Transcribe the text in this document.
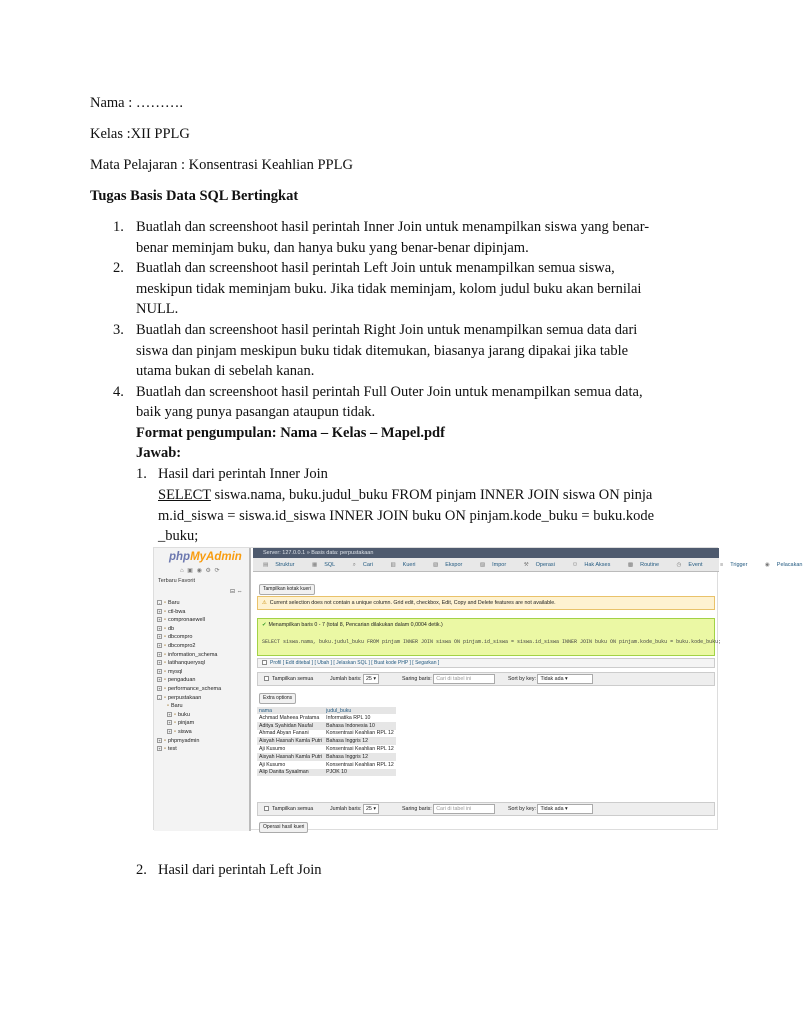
Nama : ……….
Kelas :XII PPLG
Mata Pelajaran : Konsentrasi Keahlian PPLG
Tugas Basis Data SQL Bertingkat
1. Buatlah dan screenshoot hasil perintah Inner Join untuk menampilkan siswa yang benar-
benar meminjam buku, dan hanya buku yang benar-benar dipinjam.
2. Buatlah dan screenshoot hasil perintah Left Join untuk menampilkan semua siswa,
meskipun tidak meminjam buku. Jika tidak meminjam, kolom judul buku akan bernilai
NULL.
3. Buatlah dan screenshoot hasil perintah Right Join untuk menampilkan semua data dari
siswa dan pinjam meskipun buku tidak ditemukan, biasanya jarang dipakai jika table
utama bukan di sebelah kanan.
4. Buatlah dan screenshoot hasil perintah Full Outer Join untuk menampilkan semua data,
baik yang punya pasangan ataupun tidak.
Format pengumpulan: Nama – Kelas – Mapel.pdf
Jawab:
1. Hasil dari perintah Inner Join
SELECT siswa.nama, buku.judul_buku FROM pinjam INNER JOIN siswa ON pinja
m.id_siswa = siswa.id_siswa INNER JOIN buku ON pinjam.kode_buku = buku.kode
_buku;
phpMyAdmin
⌂ ▣ ◉ ⚙ ⟳
Terbaru Favorit
⊟ ⇔
- ▫ Baru
+ ▫ ctl-bwa
+ ▫ compronaewell
+ ▫ db
+ ▫ dbcompro
+ ▫ dbcompro2
+ ▫ information_schema
+ ▫ latihanquerysql
+ ▫ mysql
+ ▫ pengaduan
+ ▫ performance_schema
- ▫ perpustakaan
▫ Baru
+ ▫ buku
+ ▫ pinjam
+ ▫ siswa
+ ▫ phpmyadmin
+ ▫ test
Server: 127.0.0.1 » Basis data: perpustakaan
▤ Struktur	▦ SQL	⌕ Cari	▥ Kueri	▧ Ekspor	▨ Impor	⚒ Operasi	⚇ Hak Akses	▩ Routine	◷ Event	≡ Trigger	◉ Pelacakan
Tampilkan kotak kueri
⚠ Current selection does not contain a unique column. Grid edit, checkbox, Edit, Copy and Delete features are not available.
✔ Menampilkan baris 0 - 7 (total 8, Pencarian dilakukan dalam 0,0004 detik.)
SELECT siswa.nama, buku.judul_buku FROM pinjam INNER JOIN siswa ON pinjam.id_siswa = siswa.id_siswa INNER JOIN buku ON pinjam.kode_buku = buku.kode_buku;
Profil [ Edit ditebal ] [ Ubah ] [ Jelaskan SQL ] [ Buat kode PHP ] [ Segarkan ]
Tampilkan semua	Jumlah baris: 25 ▾	Saring baris: Cari di tabel ini	Sort by key: Tidak ada ▾
Extra options
nama	judul_buku
Achmad Maheea Pratama	Informatika RPL 10
Aditya Syahidan Naufal	Bahasa Indonesia 10
Ahmad Abyan Fanani	Konsentrasi Keahlian RPL 12
Aisyah Hasnah Kamla Putri	Bahasa Inggris 12
Aji Kusumo	Konsentrasi Keahlian RPL 12
Aisyah Hasnah Kamla Putri	Bahasa Inggris 12
Aji Kusumo	Konsentrasi Keahlian RPL 12
Alip Danita Syaalman	PJOK 10
Tampilkan semua	Jumlah baris: 25 ▾	Saring baris: Cari di tabel ini	Sort by key: Tidak ada ▾
Operasi hasil kueri
2. Hasil dari perintah Left Join
